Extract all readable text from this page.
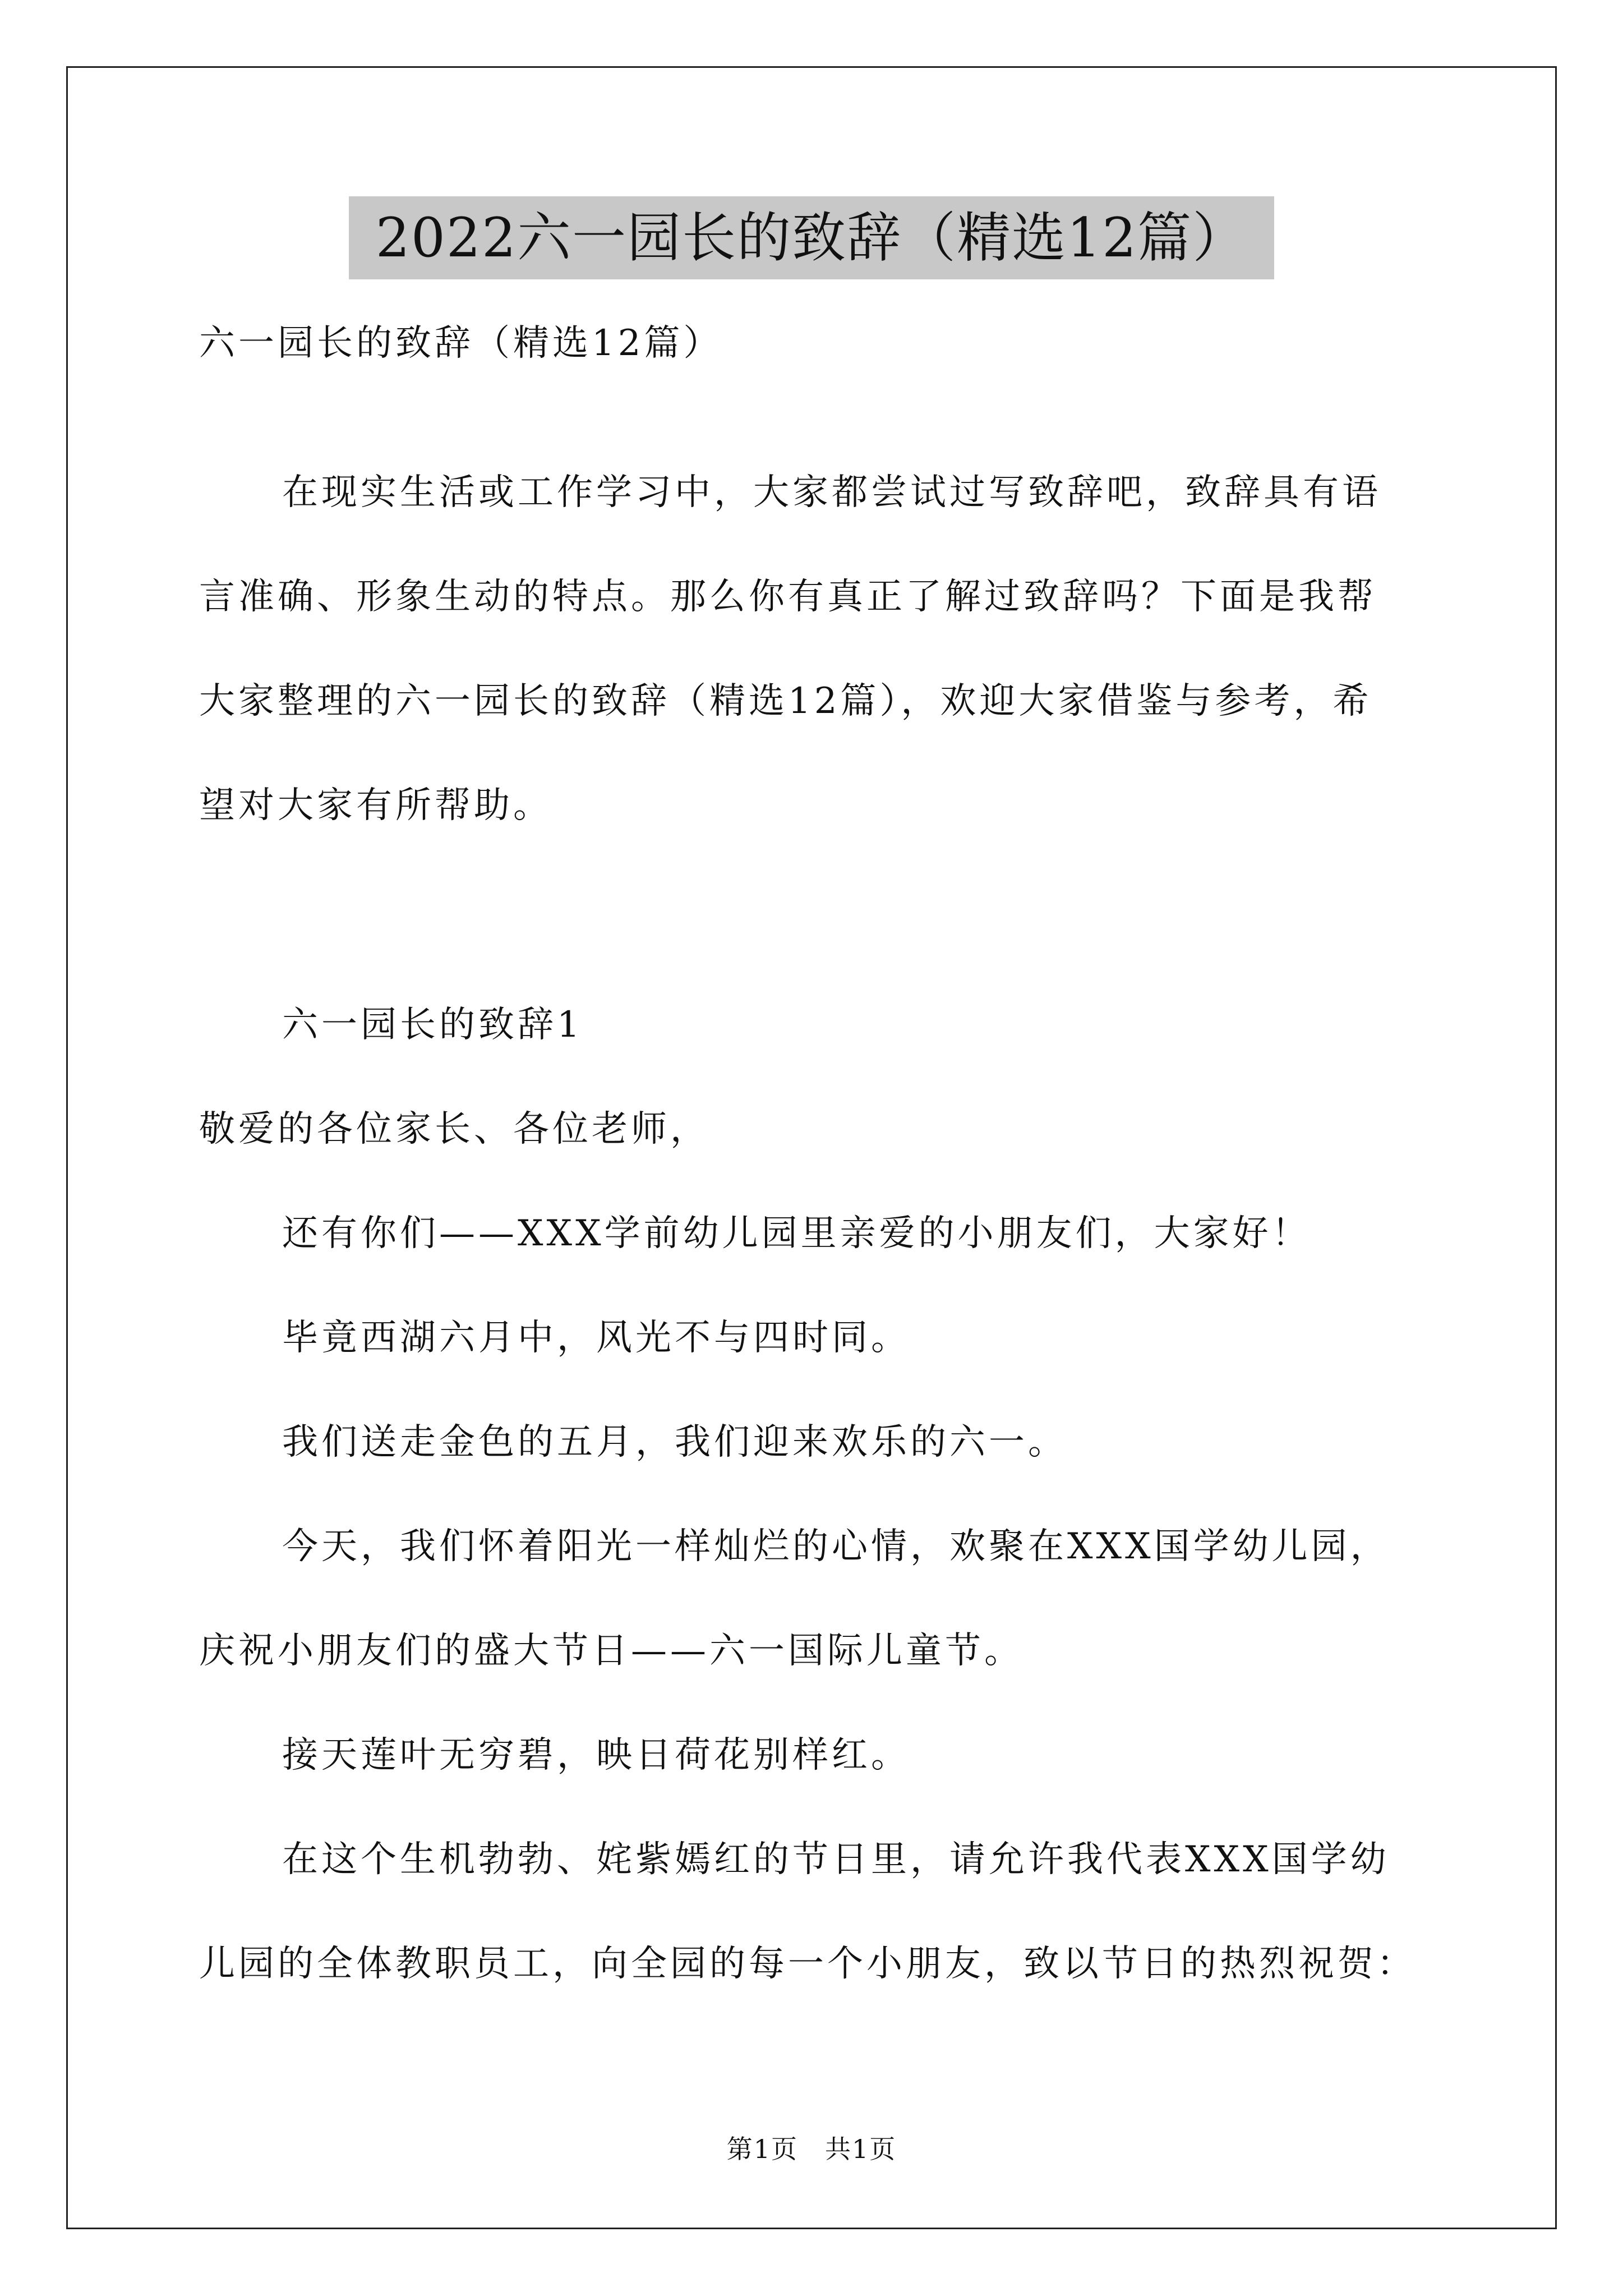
2022六一园长的致辞（精选12篇）
六一园长的致辞（精选12篇）
在现实生活或工作学习中，大家都尝试过写致辞吧，致辞具有语
言准确、形象生动的特点。那么你有真正了解过致辞吗？下面是我帮
大家整理的六一园长的致辞（精选12篇），欢迎大家借鉴与参考，希
望对大家有所帮助。
六一园长的致辞1
敬爱的各位家长、各位老师，
还有你们——XXX学前幼儿园里亲爱的小朋友们，大家好！
毕竟西湖六月中，风光不与四时同。
我们送走金色的五月，我们迎来欢乐的六一。
今天，我们怀着阳光一样灿烂的心情，欢聚在XXX国学幼儿园，
庆祝小朋友们的盛大节日——六一国际儿童节。
接天莲叶无穷碧，映日荷花别样红。
在这个生机勃勃、姹紫嫣红的节日里，请允许我代表XXX国学幼
儿园的全体教职员工，向全园的每一个小朋友，致以节日的热烈祝贺：
第1页　共1页
